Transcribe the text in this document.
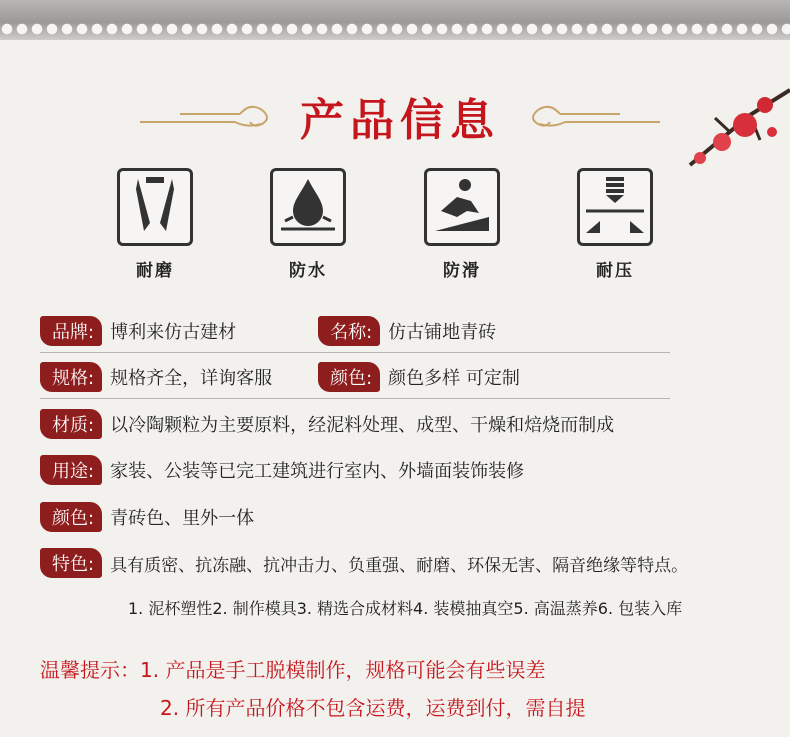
产品信息
耐磨	防水	防滑	耐压
品牌: 博利来仿古建材	名称: 仿古铺地青砖
规格: 规格齐全，详询客服	颜色: 颜色多样 可定制
材质: 以冷陶颗粒为主要原料，经泥料处理、成型、干燥和焙烧而制成
用途: 家装、公装等已完工建筑进行室内、外墙面装饰装修
颜色: 青砖色、里外一体
特色: 具有质密、抗冻融、抗冲击力、负重强、耐磨、环保无害、隔音绝缘等特点。
1. 泥杯塑性2. 制作模具3. 精选合成材料4. 装模抽真空5. 高温蒸养6. 包装入库
温馨提示：1. 产品是手工脱模制作，规格可能会有些误差
2. 所有产品价格不包含运费，运费到付，需自提
